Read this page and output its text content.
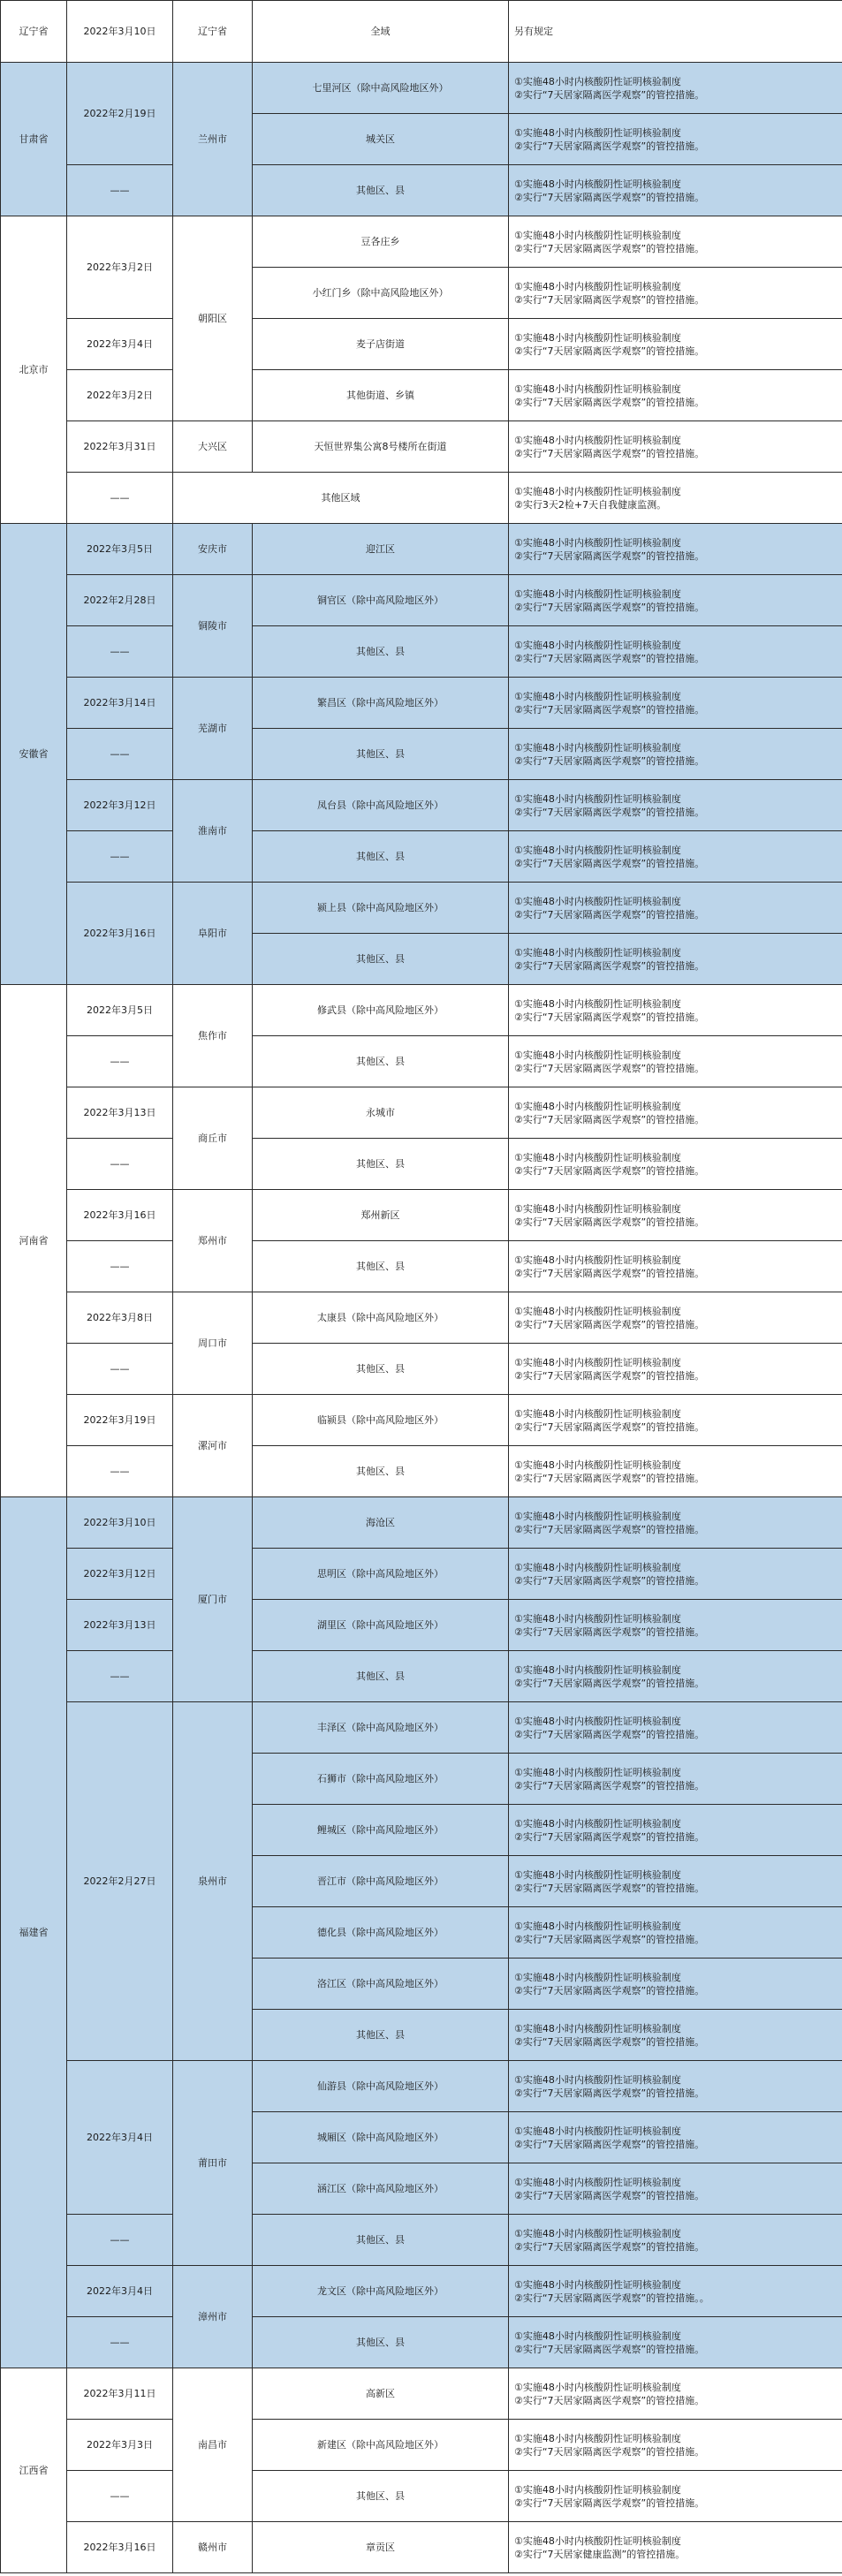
辽宁省	2022年3月10日	辽宁省	全域	另有规定
甘肃省	2022年2月19日	兰州市	七里河区（除中高风险地区外）	①实施48小时内核酸阴性证明核验制度
②实行“7天居家隔离医学观察”的管控措施。

			城关区	①实施48小时内核酸阴性证明核验制度
②实行“7天居家隔离医学观察”的管控措施。

	——		其他区、县	①实施48小时内核酸阴性证明核验制度
②实行“7天居家隔离医学观察”的管控措施。

北京市	2022年3月2日	朝阳区	豆各庄乡	①实施48小时内核酸阴性证明核验制度
②实行“7天居家隔离医学观察”的管控措施。

			小红门乡（除中高风险地区外）	①实施48小时内核酸阴性证明核验制度
②实行“7天居家隔离医学观察”的管控措施。

	2022年3月4日		麦子店街道	①实施48小时内核酸阴性证明核验制度
②实行“7天居家隔离医学观察”的管控措施。

	2022年3月2日		其他街道、乡镇	①实施48小时内核酸阴性证明核验制度
②实行“7天居家隔离医学观察”的管控措施。

	2022年3月31日	大兴区	天恒世界集公寓8号楼所在街道	①实施48小时内核酸阴性证明核验制度
②实行“7天居家隔离医学观察”的管控措施。

	——	其他区域		①实施48小时内核酸阴性证明核验制度
②实行3天2检+7天自我健康监测。

安徽省	2022年3月5日	安庆市	迎江区	①实施48小时内核酸阴性证明核验制度
②实行“7天居家隔离医学观察”的管控措施。

	2022年2月28日	铜陵市	铜官区（除中高风险地区外）	①实施48小时内核酸阴性证明核验制度
②实行“7天居家隔离医学观察”的管控措施。

	——		其他区、县	①实施48小时内核酸阴性证明核验制度
②实行“7天居家隔离医学观察”的管控措施。

	2022年3月14日	芜湖市	繁昌区（除中高风险地区外）	①实施48小时内核酸阴性证明核验制度
②实行“7天居家隔离医学观察”的管控措施。

	——		其他区、县	①实施48小时内核酸阴性证明核验制度
②实行“7天居家隔离医学观察”的管控措施。

	2022年3月12日	淮南市	凤台县（除中高风险地区外）	①实施48小时内核酸阴性证明核验制度
②实行“7天居家隔离医学观察”的管控措施。

	——		其他区、县	①实施48小时内核酸阴性证明核验制度
②实行“7天居家隔离医学观察”的管控措施。

	2022年3月16日	阜阳市	颍上县（除中高风险地区外）	①实施48小时内核酸阴性证明核验制度
②实行“7天居家隔离医学观察”的管控措施。

			其他区、县	①实施48小时内核酸阴性证明核验制度
②实行“7天居家隔离医学观察”的管控措施。

河南省	2022年3月5日	焦作市	修武县（除中高风险地区外）	①实施48小时内核酸阴性证明核验制度
②实行“7天居家隔离医学观察”的管控措施。

	——		其他区、县	①实施48小时内核酸阴性证明核验制度
②实行“7天居家隔离医学观察”的管控措施。

	2022年3月13日	商丘市	永城市	①实施48小时内核酸阴性证明核验制度
②实行“7天居家隔离医学观察”的管控措施。

	——		其他区、县	①实施48小时内核酸阴性证明核验制度
②实行“7天居家隔离医学观察”的管控措施。

	2022年3月16日	郑州市	郑州新区	①实施48小时内核酸阴性证明核验制度
②实行“7天居家隔离医学观察”的管控措施。

	——		其他区、县	①实施48小时内核酸阴性证明核验制度
②实行“7天居家隔离医学观察”的管控措施。

	2022年3月8日	周口市	太康县（除中高风险地区外）	①实施48小时内核酸阴性证明核验制度
②实行“7天居家隔离医学观察”的管控措施。

	——		其他区、县	①实施48小时内核酸阴性证明核验制度
②实行“7天居家隔离医学观察”的管控措施。

	2022年3月19日	漯河市	临颍县（除中高风险地区外）	①实施48小时内核酸阴性证明核验制度
②实行“7天居家隔离医学观察”的管控措施。

	——		其他区、县	①实施48小时内核酸阴性证明核验制度
②实行“7天居家隔离医学观察”的管控措施。

福建省	2022年3月10日	厦门市	海沧区	①实施48小时内核酸阴性证明核验制度
②实行“7天居家隔离医学观察”的管控措施。

	2022年3月12日		思明区（除中高风险地区外）	①实施48小时内核酸阴性证明核验制度
②实行“7天居家隔离医学观察”的管控措施。

	2022年3月13日		湖里区（除中高风险地区外）	①实施48小时内核酸阴性证明核验制度
②实行“7天居家隔离医学观察”的管控措施。

	——		其他区、县	①实施48小时内核酸阴性证明核验制度
②实行“7天居家隔离医学观察”的管控措施。

	2022年2月27日	泉州市	丰泽区（除中高风险地区外）	①实施48小时内核酸阴性证明核验制度
②实行“7天居家隔离医学观察”的管控措施。

			石狮市（除中高风险地区外）	①实施48小时内核酸阴性证明核验制度
②实行“7天居家隔离医学观察”的管控措施。

			鲤城区（除中高风险地区外）	①实施48小时内核酸阴性证明核验制度
②实行“7天居家隔离医学观察”的管控措施。

			晋江市（除中高风险地区外）	①实施48小时内核酸阴性证明核验制度
②实行“7天居家隔离医学观察”的管控措施。

			德化县（除中高风险地区外）	①实施48小时内核酸阴性证明核验制度
②实行“7天居家隔离医学观察”的管控措施。

			洛江区（除中高风险地区外）	①实施48小时内核酸阴性证明核验制度
②实行“7天居家隔离医学观察”的管控措施。

			其他区、县	①实施48小时内核酸阴性证明核验制度
②实行“7天居家隔离医学观察”的管控措施。

	2022年3月4日	莆田市	仙游县（除中高风险地区外）	①实施48小时内核酸阴性证明核验制度
②实行“7天居家隔离医学观察”的管控措施。

			城厢区（除中高风险地区外）	①实施48小时内核酸阴性证明核验制度
②实行“7天居家隔离医学观察”的管控措施。

			涵江区（除中高风险地区外）	①实施48小时内核酸阴性证明核验制度
②实行“7天居家隔离医学观察”的管控措施。

	——		其他区、县	①实施48小时内核酸阴性证明核验制度
②实行“7天居家隔离医学观察”的管控措施。

	2022年3月4日	漳州市	龙文区（除中高风险地区外）	①实施48小时内核酸阴性证明核验制度
②实行“7天居家隔离医学观察”的管控措施。。

	——		其他区、县	①实施48小时内核酸阴性证明核验制度
②实行“7天居家隔离医学观察”的管控措施。

江西省	2022年3月11日	南昌市	高新区	①实施48小时内核酸阴性证明核验制度
②实行“7天居家隔离医学观察”的管控措施。

	2022年3月3日		新建区（除中高风险地区外）	①实施48小时内核酸阴性证明核验制度
②实行“7天居家隔离医学观察”的管控措施。

	——		其他区、县	①实施48小时内核酸阴性证明核验制度
②实行“7天居家隔离医学观察”的管控措施。

	2022年3月16日	赣州市	章贡区	①实施48小时内核酸阴性证明核验制度
②实行“7天居家健康监测”的管控措施。
